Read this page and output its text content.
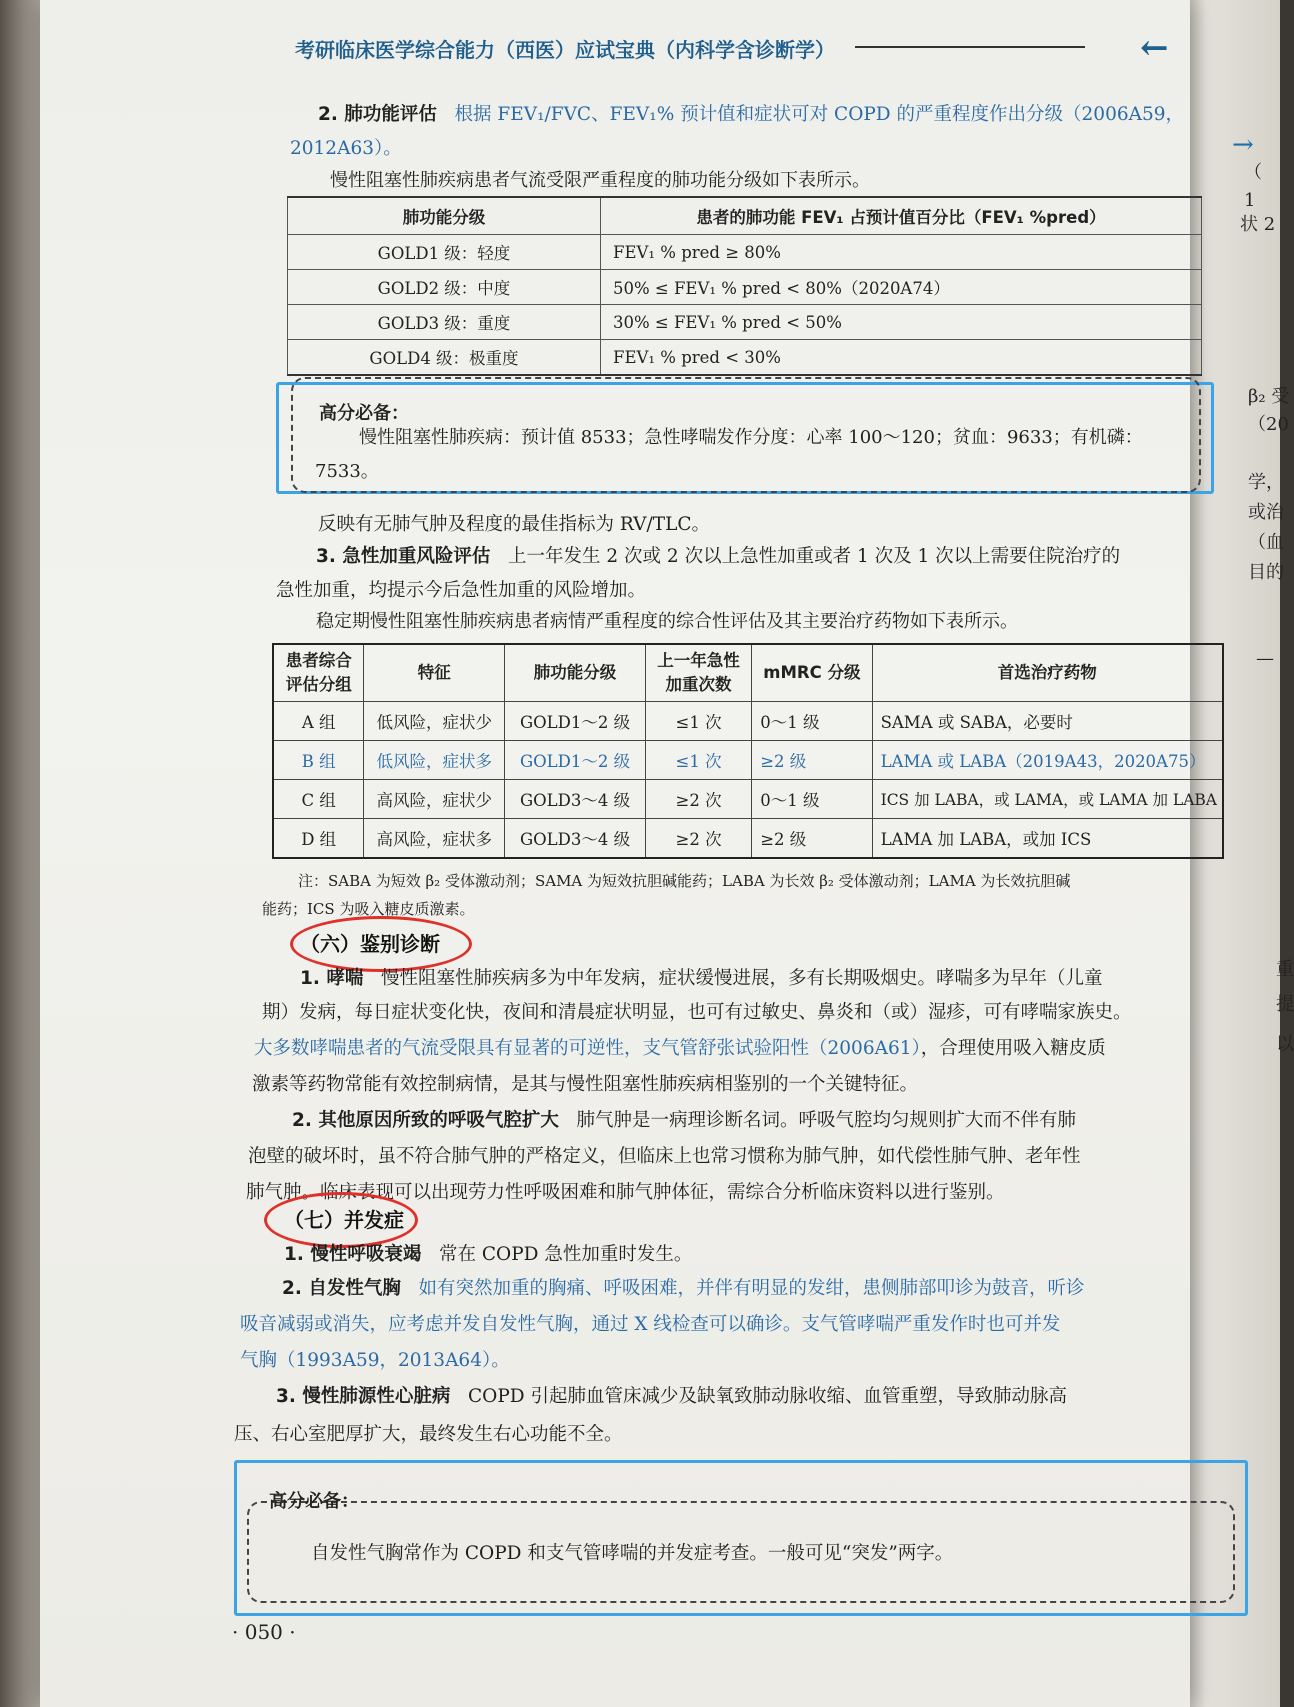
→
（
1
状 2
β₂ 受
（20
学，
或治
（血
目的
—
重
提
以
考研临床医学综合能力（西医）应试宝典（内科学含诊断学）	←
2. 肺功能评估 根据 FEV₁/FVC、FEV₁% 预计值和症状可对 COPD 的严重程度作出分级（2006A59，
2012A63）。
慢性阻塞性肺疾病患者气流受限严重程度的肺功能分级如下表所示。
肺功能分级	患者的肺功能 FEV₁ 占预计值百分比（FEV₁ %pred）
GOLD1 级：轻度	FEV₁ % pred ≥ 80%
GOLD2 级：中度	50% ≤ FEV₁ % pred < 80%（2020A74）
GOLD3 级：重度	30% ≤ FEV₁ % pred < 50%
GOLD4 级：极重度	FEV₁ % pred < 30%
高分必备：
慢性阻塞性肺疾病：预计值 8533；急性哮喘发作分度：心率 100～120；贫血：9633；有机磷：
7533。
反映有无肺气肿及程度的最佳指标为 RV/TLC。
3. 急性加重风险评估 上一年发生 2 次或 2 次以上急性加重或者 1 次及 1 次以上需要住院治疗的
急性加重，均提示今后急性加重的风险增加。
稳定期慢性阻塞性肺疾病患者病情严重程度的综合性评估及其主要治疗药物如下表所示。
患者综合评估分组	特征	肺功能分级	上一年急性加重次数	mMRC 分级	首选治疗药物
A 组	低风险，症状少	GOLD1～2 级	≤1 次	0～1 级	SAMA 或 SABA，必要时
B 组	低风险，症状多	GOLD1～2 级	≤1 次	≥2 级	LAMA 或 LABA（2019A43，2020A75）
C 组	高风险，症状少	GOLD3～4 级	≥2 次	0～1 级	ICS 加 LABA，或 LAMA，或 LAMA 加 LABA
D 组	高风险，症状多	GOLD3～4 级	≥2 次	≥2 级	LAMA 加 LABA，或加 ICS
注：SABA 为短效 β₂ 受体激动剂；SAMA 为短效抗胆碱能药；LABA 为长效 β₂ 受体激动剂；LAMA 为长效抗胆碱
能药；ICS 为吸入糖皮质激素。
（六）鉴别诊断
1. 哮喘 慢性阻塞性肺疾病多为中年发病，症状缓慢进展，多有长期吸烟史。哮喘多为早年（儿童
期）发病，每日症状变化快，夜间和清晨症状明显，也可有过敏史、鼻炎和（或）湿疹，可有哮喘家族史。
大多数哮喘患者的气流受限具有显著的可逆性，支气管舒张试验阳性（2006A61），合理使用吸入糖皮质
激素等药物常能有效控制病情，是其与慢性阻塞性肺疾病相鉴别的一个关键特征。
2. 其他原因所致的呼吸气腔扩大 肺气肿是一病理诊断名词。呼吸气腔均匀规则扩大而不伴有肺
泡壁的破坏时，虽不符合肺气肿的严格定义，但临床上也常习惯称为肺气肿，如代偿性肺气肿、老年性
肺气肿。临床表现可以出现劳力性呼吸困难和肺气肿体征，需综合分析临床资料以进行鉴别。
（七）并发症
1. 慢性呼吸衰竭 常在 COPD 急性加重时发生。
2. 自发性气胸 如有突然加重的胸痛、呼吸困难，并伴有明显的发绀，患侧肺部叩诊为鼓音，听诊
吸音减弱或消失，应考虑并发自发性气胸，通过 X 线检查可以确诊。支气管哮喘严重发作时也可并发
气胸（1993A59，2013A64）。
3. 慢性肺源性心脏病 COPD 引起肺血管床减少及缺氧致肺动脉收缩、血管重塑，导致肺动脉高
压、右心室肥厚扩大，最终发生右心功能不全。
高分必备：
自发性气胸常作为 COPD 和支气管哮喘的并发症考查。一般可见“突发”两字。
· 050 ·
